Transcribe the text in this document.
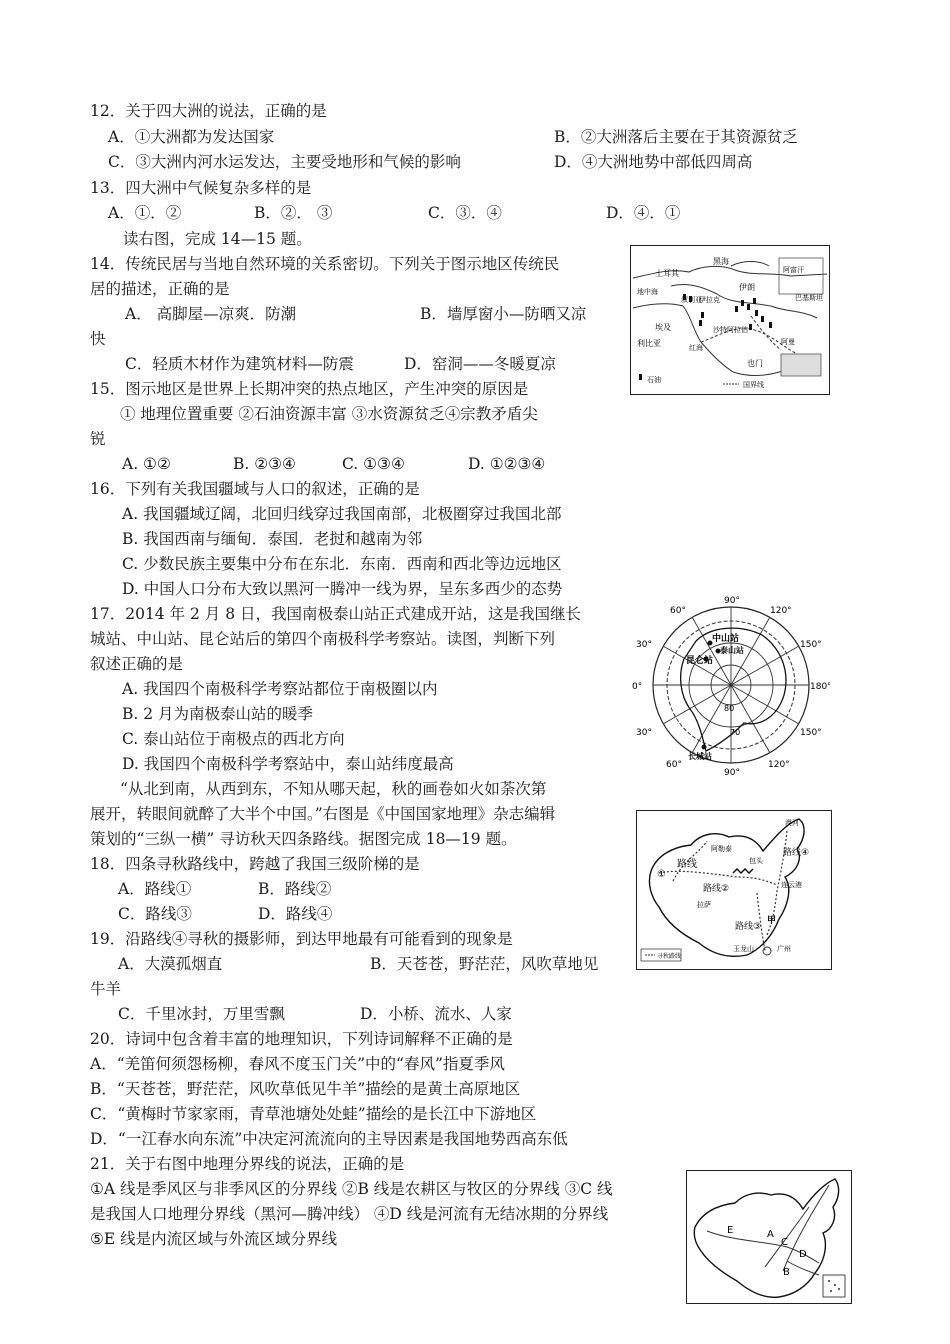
12．关于四大洲的说法，正确的是
A．①大洲都为发达国家	B．②大洲落后主要在于其资源贫乏
C．③大洲内河水运发达，主要受地形和气候的影响	D．④大洲地势中部低四周高
13．四大洲中气候复杂多样的是
A．①．②	B．②． ③	C．③．④	D．④．①
读右图，完成 14—15 题。
14．传统民居与当地自然环境的关系密切。下列关于图示地区传统民
居的描述，正确的是
A． 高脚屋—凉爽．防潮	B．墙厚窗小—防晒又凉
快
C．轻质木材作为建筑材料—防震	D．窑洞——冬暖夏凉
15．图示地区是世界上长期冲突的热点地区，产生冲突的原因是
① 地理位置重要 ②石油资源丰富 ③水资源贫乏④宗教矛盾尖
锐
A. ①②	B. ②③④	C. ①③④	D. ①②③④
16．下列有关我国疆域与人口的叙述，正确的是
A. 我国疆域辽阔，北回归线穿过我国南部，北极圈穿过我国北部
B. 我国西南与缅甸．泰国．老挝和越南为邻
C. 少数民族主要集中分布在东北．东南．西南和西北等边远地区
D. 中国人口分布大致以黑河一腾冲一线为界，呈东多西少的态势
17．2014 年 2 月 8 日，我国南极泰山站正式建成开站，这是我国继长
城站、中山站、昆仑站后的第四个南极科学考察站。读图，判断下列
叙述正确的是
A. 我国四个南极科学考察站都位于南极圈以内
B. 2 月为南极泰山站的暖季
C. 泰山站位于南极点的西北方向
D. 我国四个南极科学考察站中，泰山站纬度最高
“从北到南，从西到东，不知从哪天起，秋的画卷如火如荼次第
展开，转眼间就醉了大半个中国。”右图是《中国国家地理》杂志编辑
策划的“三纵一横” 寻访秋天四条路线。据图完成 18—19 题。
18．四条寻秋路线中，跨越了我国三级阶梯的是
A．路线①	B．路线②
C．路线③	D．路线④
19．沿路线④寻秋的摄影师，到达甲地最有可能看到的现象是
A．大漠孤烟直	B．天苍苍，野茫茫，风吹草地见
牛羊
C．千里冰封，万里雪飘	D．小桥、流水、人家
20．诗词中包含着丰富的地理知识，下列诗词解释不正确的是
A．“羌笛何须怨杨柳，春风不度玉门关”中的“春风”指夏季风
B．“天苍苍，野茫茫，风吹草低见牛羊”描绘的是黄土高原地区
C．“黄梅时节家家雨，青草池塘处处蛙”描绘的是长江中下游地区
D．“一江春水向东流”中决定河流流向的主导因素是我国地势西高东低
21．关于右图中地理分界线的说法，正确的是
①A 线是季风区与非季风区的分界线 ②B 线是农耕区与牧区的分界线 ③C 线
是我国人口地理分界线（黑河—腾冲线） ④D 线是河流有无结冰期的分界线
⑤E 线是内流区域与外流区域分界线
黑海
土耳其
叙利亚
伊拉克
伊朗
阿富汗
巴基斯坦
地中海
埃及
利比亚
沙特阿拉伯
也门
阿曼
红海
石油
国界线
90°
90°
60°	120°
30°	150°
0°	180°
30°	150°
60°	120°
80
70
中山站
泰山站
昆仑站
长城站
漠河
阿勒泰
包头
连云港
拉萨
玉龙山	广州
甲
路线
①
路线②
路线③
路线④
寻秋路线
A
B
C
D
E
